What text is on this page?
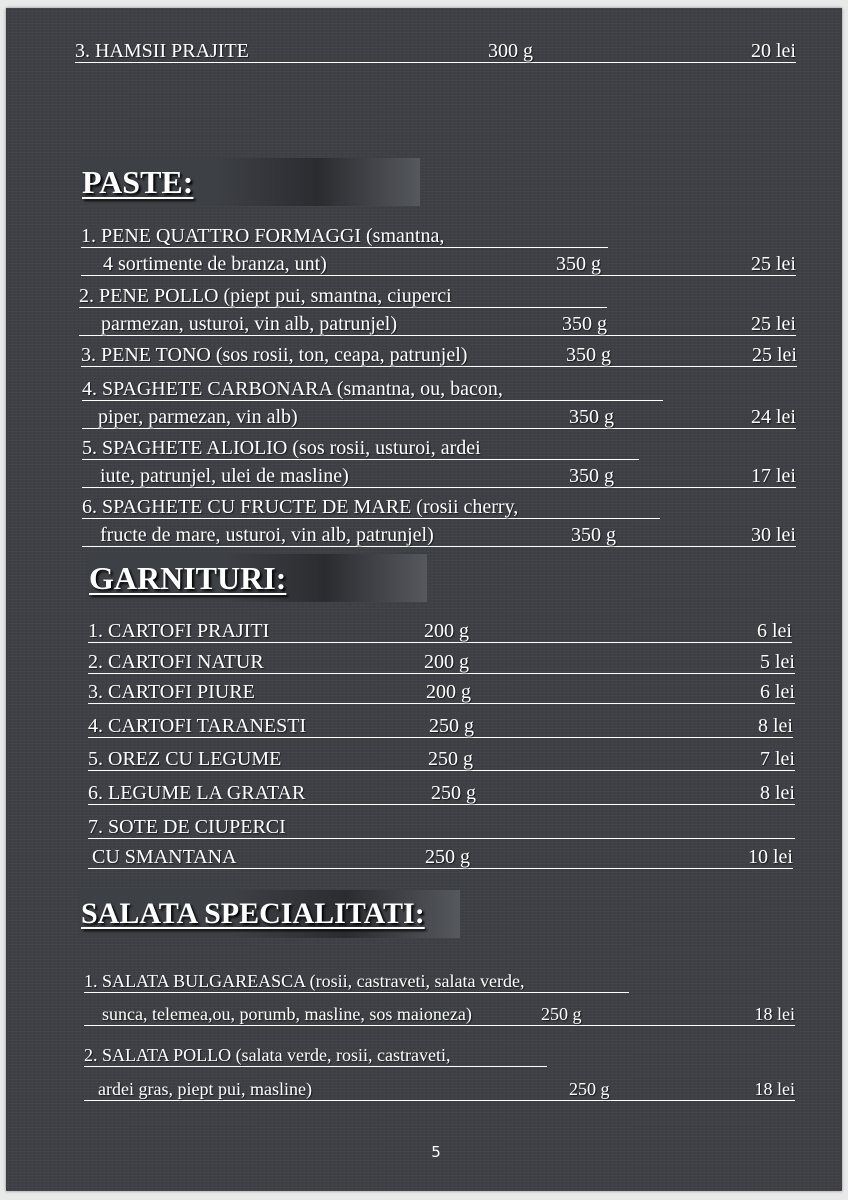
3. HAMSII PRAJITE	300 g	20 lei
PASTE:
1. PENE QUATTRO FORMAGGI (smantna,
4 sortimente de branza, unt)	350 g	25 lei
2. PENE POLLO (piept pui, smantna, ciuperci
parmezan, usturoi, vin alb, patrunjel)	350 g	25 lei
3. PENE TONO (sos rosii, ton, ceapa, patrunjel)	350 g	25 lei
4. SPAGHETE CARBONARA (smantna, ou, bacon,
piper, parmezan, vin alb)	350 g	24 lei
5. SPAGHETE ALIOLIO (sos rosii, usturoi, ardei
iute, patrunjel, ulei de masline)	350 g	17 lei
6. SPAGHETE CU FRUCTE DE MARE (rosii cherry,
fructe de mare, usturoi, vin alb, patrunjel)	350 g	30 lei
GARNITURI:
1. CARTOFI PRAJITI	200 g	6 lei
2. CARTOFI NATUR	200 g	5 lei
3. CARTOFI PIURE	200 g	6 lei
4. CARTOFI TARANESTI	250 g	8 lei
5. OREZ CU LEGUME	250 g	7 lei
6. LEGUME LA GRATAR	250 g	8 lei
7. SOTE DE CIUPERCI
CU SMANTANA	250 g	10 lei
SALATA SPECIALITATI:
1. SALATA BULGAREASCA (rosii, castraveti, salata verde,
sunca, telemea,ou, porumb, masline, sos maioneza)	250 g	18 lei
2. SALATA POLLO (salata verde, rosii, castraveti,
ardei gras, piept pui, masline)	250 g	18 lei
5
